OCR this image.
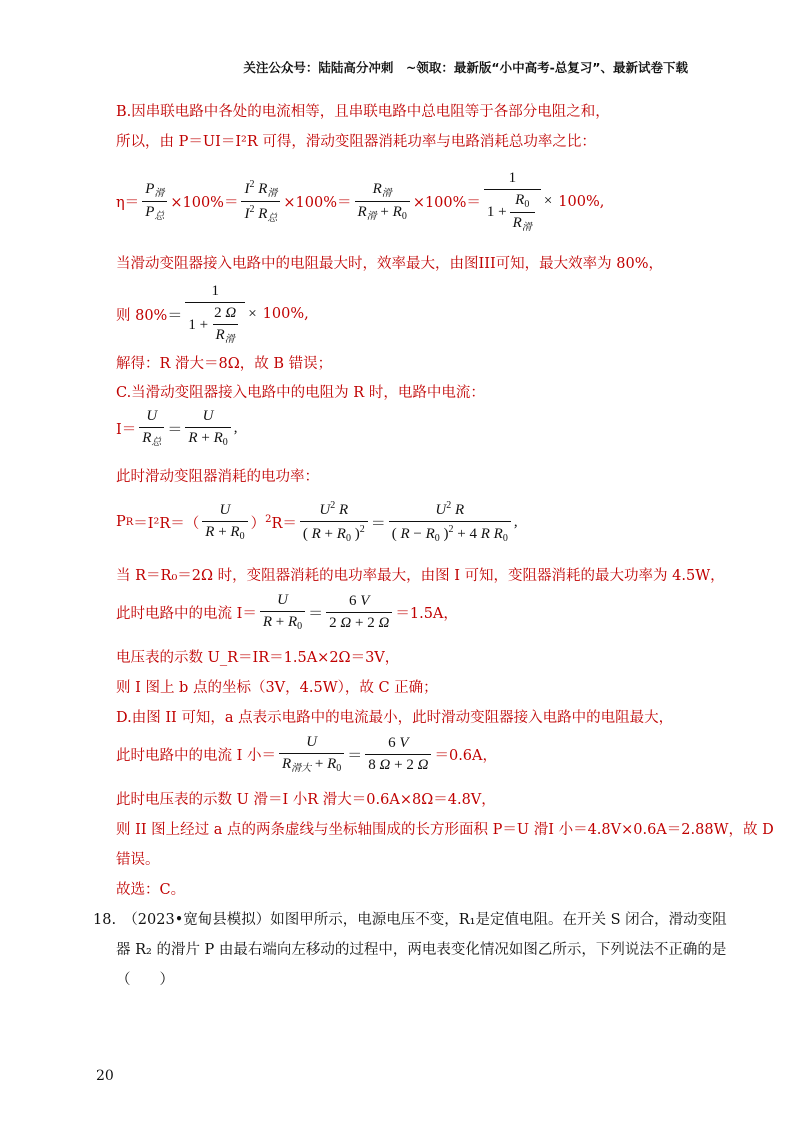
关注公众号：陆陆高分冲刺　~领取：最新版“小中高考-总复习”、最新试卷下载
B.因串联电路中各处的电流相等，且串联电路中总电阻等于各部分电阻之和，
所以，由 P＝UI＝I²R 可得，滑动变阻器消耗功率与电路消耗总功率之比：
η＝
$P_滑$
$P_总$
×100%＝
$I^2$ $R_滑$
$I^2$ $R_总$
×100%＝
$R_滑$
$R_滑 + R_0$
×100%＝
1
1 +
$R_0$
$R_滑$
× 100%,
当滑动变阻器接入电路中的电阻最大时，效率最大，由图III可知，最大效率为 80%，
则 80% ＝
1
1 +
2 Ω
$R_滑$
× 100%,
解得：R 滑大＝8Ω，故 B 错误；
C.当滑动变阻器接入电路中的电阻为 R 时，电路中电流：
I＝
U
$R_总$
＝
U
$R + R_0$
,
此时滑动变阻器消耗的电功率：
P R ＝I²R＝（
U
$R + R_0$
）$^2$R＝
$U^2$ R
( $R + R_0$ )$^2$ ＝
$U^2$ R
( $R - R_0$ )$^2$ + 4 R $R_0$
,
当 R＝R₀＝2Ω 时，变阻器消耗的电功率最大，由图 I 可知，变阻器消耗的最大功率为 4.5W，
此时电路中的电流 I＝
U
$R + R_0$
＝
6 V
2 Ω + 2 Ω
＝1.5A，
电压表的示数 U_R＝IR＝1.5A×2Ω＝3V，
则 I 图上 b 点的坐标（3V，4.5W），故 C 正确；
D.由图 II 可知，a 点表示电路中的电流最小，此时滑动变阻器接入电路中的电阻最大，
此时电路中的电流 I 小＝
U
$R_{滑大} + R_0$
＝
6 V
8 Ω + 2 Ω
＝0.6A，
此时电压表的示数 U 滑＝I 小R 滑大＝0.6A×8Ω＝4.8V，
则 II 图上经过 a 点的两条虚线与坐标轴围成的长方形面积 P＝U 滑I 小＝4.8V×0.6A＝2.88W，故 D
错误。
故选：C。
18.　（2023•宽甸县模拟）如图甲所示，电源电压不变，R₁是定值电阻。在开关 S 闭合，滑动变阻
器 R₂ 的滑片 P 由最右端向左移动的过程中，两电表变化情况如图乙所示，下列说法不正确的是
（　　）
20
